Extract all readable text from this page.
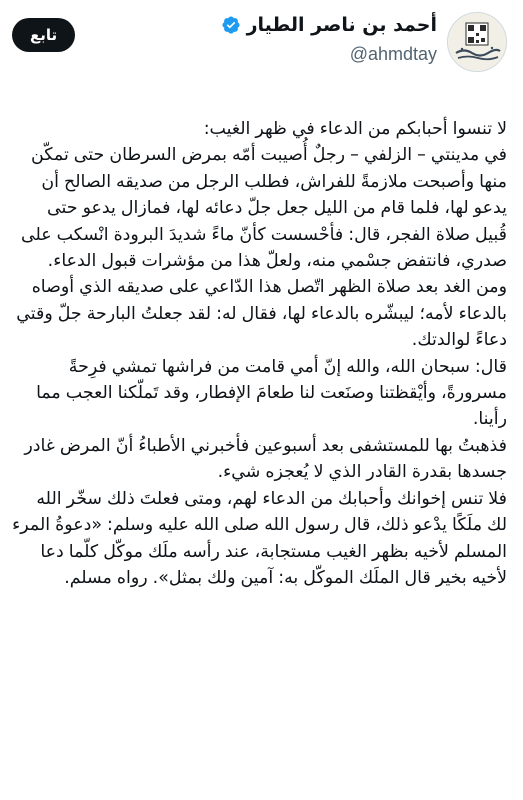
أحمد بن ناصر الطيار
@ahmdtay
تابع

لا تنسوا أحبابكم من الدعاء في ظهر الغيب:

في مدينتي – الزلفي – رجلٌ أُصيبت أمّه بمرض السرطان حتى تمكّن منها وأصبحت ملازمةً للفراش، فطلب الرجل من صديقه الصالح أن يدعو لها، فلما قام من الليل جعل جلّ دعائه لها، فمازال يدعو حتى قُبيل صلاة الفجر، قال: فأحْسست كأنّ ماءً شديدَ البرودة انْسكب على صدري، فانتفض جسْمي منه، ولعلّ هذا من مؤشرات قبول الدعاء.

ومن الغد بعد صلاة الظهر اتّصل هذا الدّاعي على صديقه الذي أوصاه بالدعاء لأمه؛ ليبشّره بالدعاء لها، فقال له: لقد جعلتُ البارحة جلّ وقتي دعاءً لوالدتك.

قال: سبحان الله، والله إنّ أمي قامت من فراشها تمشي فرِحةً مسرورةً، وأيْقظتنا وصنَعت لنا طعامَ الإفطار، وقد تَملّكنا العجب مما رأينا.

فذهبتُ بها للمستشفى بعد أسبوعين فأخبرني الأطباءُ أنّ المرض غادر جسدها بقدرة القادر الذي لا يُعجزه شيء.

فلا تنس إخوانك وأحبابك من الدعاء لهم، ومتى فعلتَ ذلك سخّر الله لك ملَكًا يدْعو ذلك، قال رسول الله صلى الله عليه وسلم: «دعوةُ المرء المسلم لأخيه بظهر الغيب مستجابة، عند رأسه ملَك موكّل كلّما دعا لأخيه بخير قال الملَك الموكّل به: آمين ولك بمثل». رواه مسلم.
